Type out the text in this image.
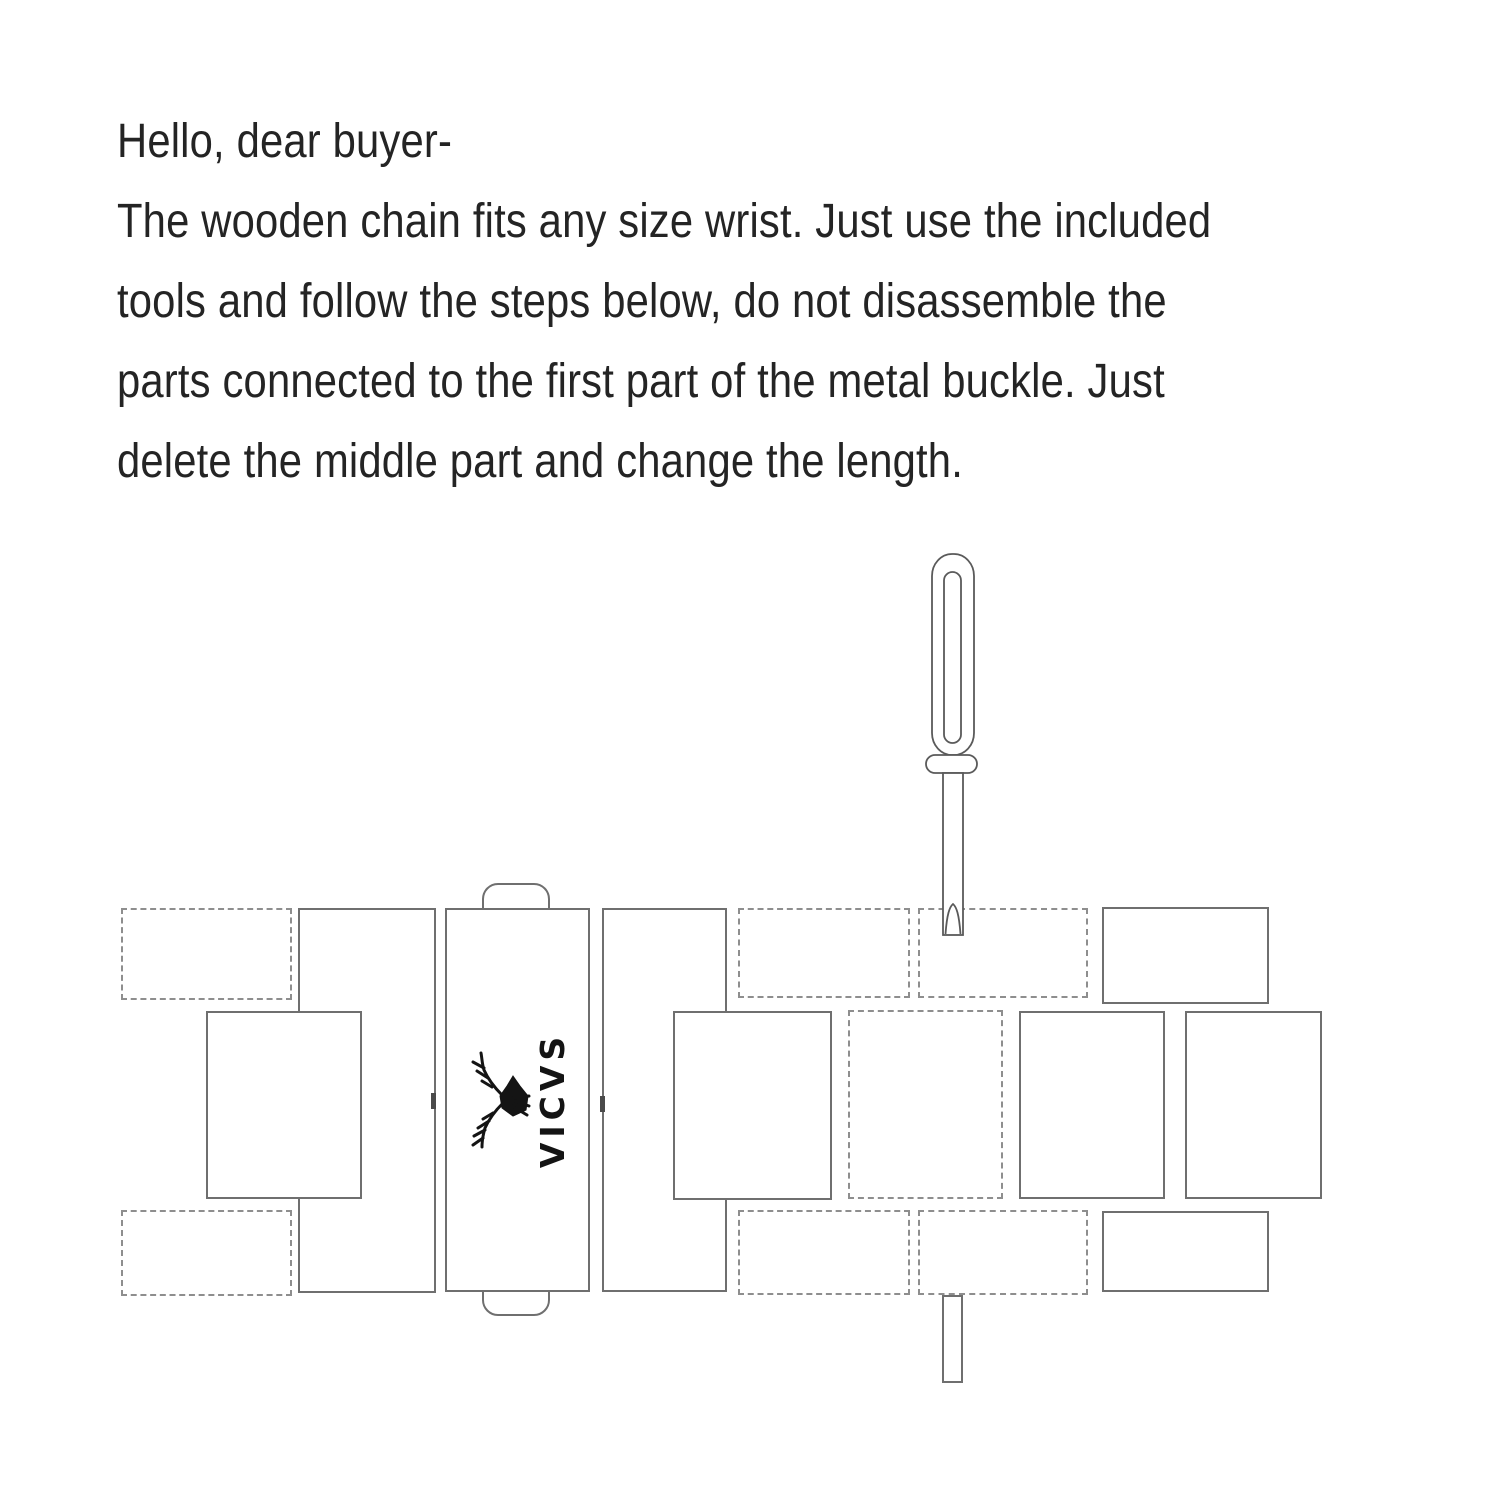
Hello, dear buyer-
The wooden chain fits any size wrist. Just use the included
tools and follow the steps below, do not disassemble the
parts connected to the first part of the metal buckle. Just
delete the middle part and change the length.
VICVS
